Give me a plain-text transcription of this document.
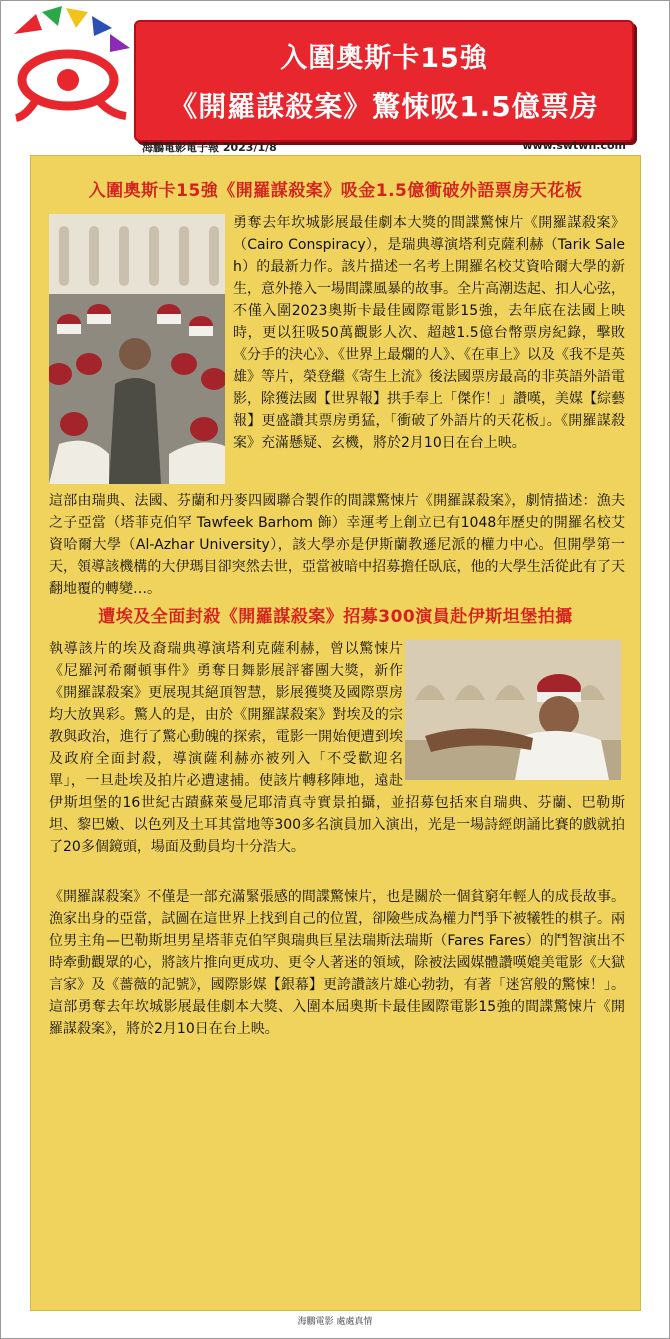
入圍奧斯卡15強
《開羅謀殺案》驚悚吸1.5億票房
海鵬電影電子報 2023/1/8	www.swtwn.com
入圍奧斯卡15強《開羅謀殺案》吸金1.5億衝破外語票房天花板
勇奪去年坎城影展最佳劇本大獎的間諜驚悚片《開羅謀殺案》（Cairo Conspiracy），是瑞典導演塔利克薩利赫（Tarik Saleh）的最新力作。該片描述一名考上開羅名校艾資哈爾大學的新生，意外捲入一場間諜風暴的故事。全片高潮迭起、扣人心弦，不僅入圍2023奧斯卡最佳國際電影15強，去年底在法國上映時，更以狂吸50萬觀影人次、超越1.5億台幣票房紀錄，擊敗《分手的決心》、《世界上最爛的人》、《在車上》以及《我不是英雄》等片，榮登繼《寄生上流》後法國票房最高的非英語外語電影，除獲法國【世界報】拱手奉上「傑作！」讚嘆，美媒【綜藝報】更盛讚其票房勇猛，「衝破了外語片的天花板」。《開羅謀殺案》充滿懸疑、玄機，將於2月10日在台上映。
這部由瑞典、法國、芬蘭和丹麥四國聯合製作的間諜驚悚片《開羅謀殺案》，劇情描述：漁夫之子亞當（塔菲克伯罕 Tawfeek Barhom 飾）幸運考上創立已有1048年歷史的開羅名校艾資哈爾大學（Al-Azhar University），該大學亦是伊斯蘭教遜尼派的權力中心。但開學第一天，領導該機構的大伊瑪目卻突然去世，亞當被暗中招募擔任臥底，他的大學生活從此有了天翻地覆的轉變…。
遭埃及全面封殺《開羅謀殺案》招募300演員赴伊斯坦堡拍攝
執導該片的埃及裔瑞典導演塔利克薩利赫，曾以驚悚片《尼羅河希爾頓事件》勇奪日舞影展評審團大獎，新作《開羅謀殺案》更展現其絕頂智慧，影展獲獎及國際票房均大放異彩。驚人的是，由於《開羅謀殺案》對埃及的宗教與政治，進行了驚心動魄的探索，電影一開始便遭到埃及政府全面封殺，導演薩利赫亦被列入「不受歡迎名單」，一旦赴埃及拍片必遭逮捕。使該片轉移陣地，遠赴伊斯坦堡的16世紀古蹟蘇萊曼尼耶清真寺實景拍攝，並招募包括來自瑞典、芬蘭、巴勒斯坦、黎巴嫩、以色列及土耳其當地等300多名演員加入演出，光是一場詩經朗誦比賽的戲就拍了20多個鏡頭，場面及動員均十分浩大。
《開羅謀殺案》不僅是一部充滿緊張感的間諜驚悚片，也是關於一個貧窮年輕人的成長故事。漁家出身的亞當，試圖在這世界上找到自己的位置，卻險些成為權力鬥爭下被犧牲的棋子。兩位男主角—巴勒斯坦男星塔菲克伯罕與瑞典巨星法瑞斯法瑞斯（Fares Fares）的鬥智演出不時牽動觀眾的心，將該片推向更成功、更令人著迷的領域，除被法國媒體讚嘆媲美電影《大獄言家》及《薔薇的記號》，國際影媒【銀幕】更誇讚該片雄心勃勃，有著「迷宮般的驚悚！」。這部勇奪去年坎城影展最佳劇本大獎、入圍本屆奧斯卡最佳國際電影15強的間諜驚悚片《開羅謀殺案》，將於2月10日在台上映。
海鵬電影 處處真情
